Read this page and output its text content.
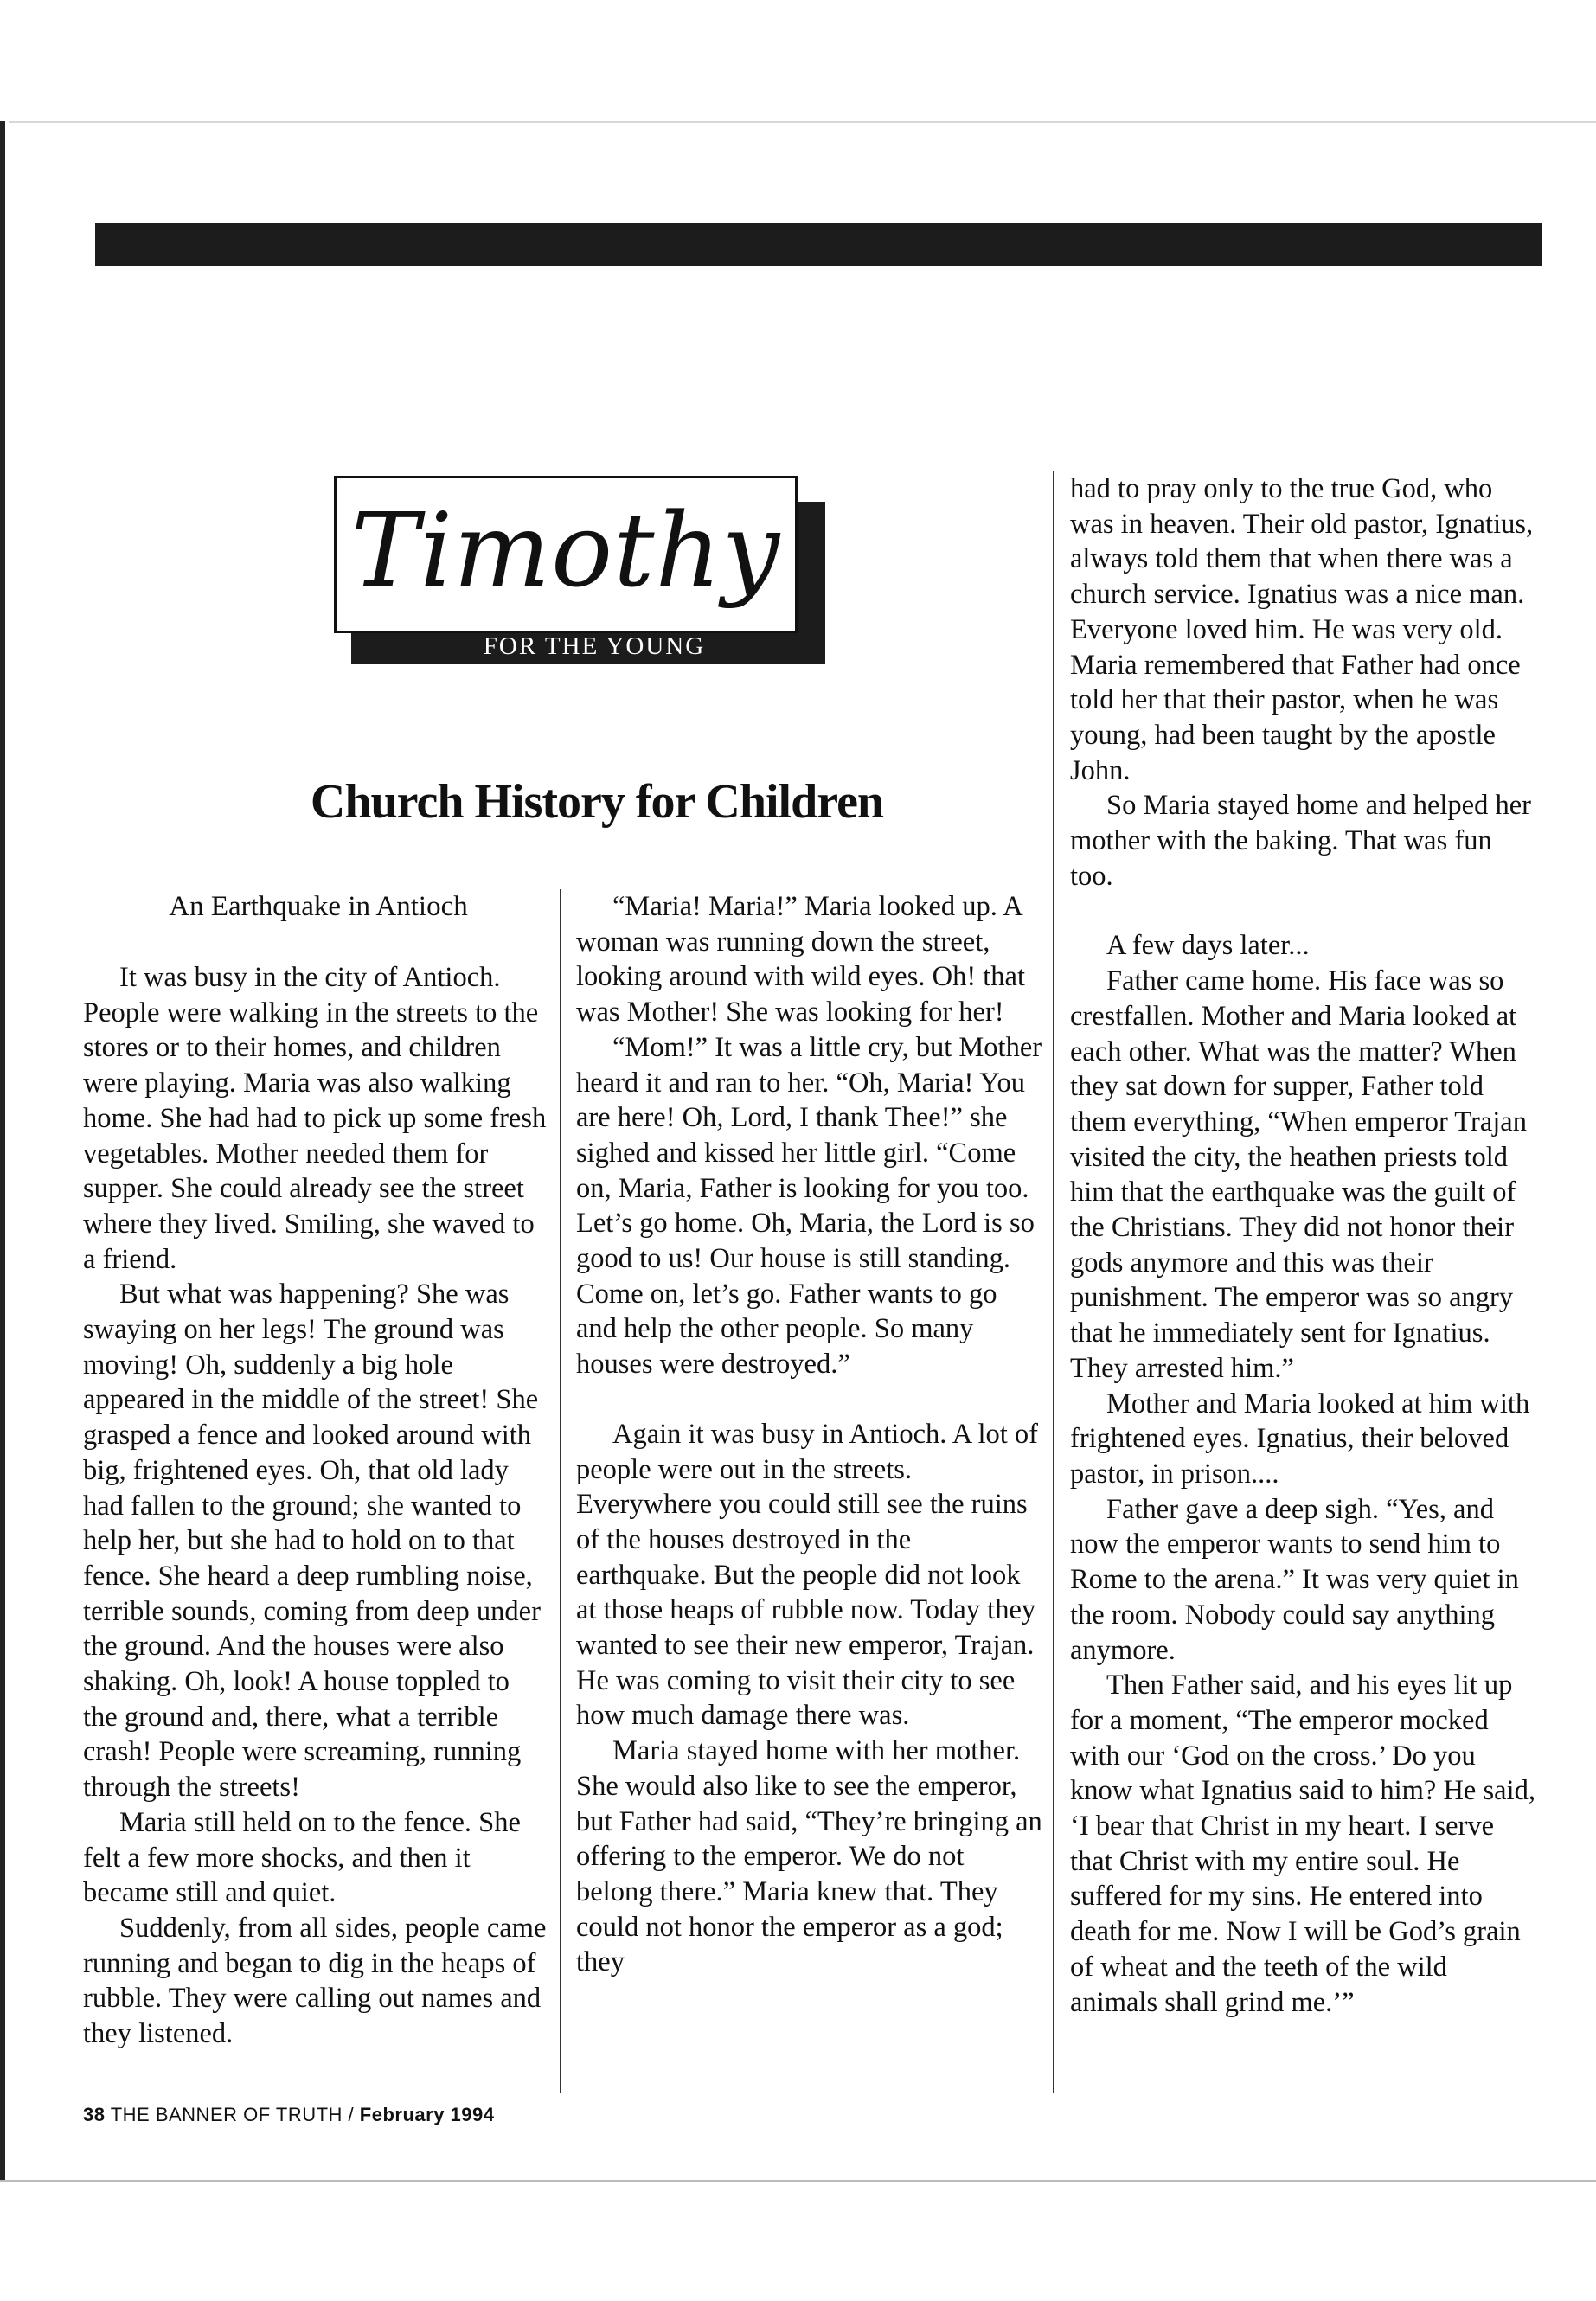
Timothy
FOR THE YOUNG
Church History for Children
An Earthquake in Antioch

It was busy in the city of Antioch. People were walking in the streets to the stores or to their homes, and children were playing. Maria was also walking home. She had had to pick up some fresh vegetables. Mother needed them for supper. She could already see the street where they lived. Smiling, she waved to a friend.

But what was happening? She was swaying on her legs! The ground was moving! Oh, suddenly a big hole appeared in the middle of the street! She grasped a fence and looked around with big, frightened eyes. Oh, that old lady had fallen to the ground; she wanted to help her, but she had to hold on to that fence. She heard a deep rumbling noise, terrible sounds, coming from deep under the ground. And the houses were also shaking. Oh, look! A house toppled to the ground and, there, what a terrible crash! People were screaming, running through the streets!

Maria still held on to the fence. She felt a few more shocks, and then it became still and quiet.

Suddenly, from all sides, people came running and began to dig in the heaps of rubble. They were calling out names and they listened.

“Maria! Maria!” Maria looked up. A woman was running down the street, looking around with wild eyes. Oh! that was Mother! She was looking for her!

“Mom!” It was a little cry, but Mother heard it and ran to her. “Oh, Maria! You are here! Oh, Lord, I thank Thee!” she sighed and kissed her little girl. “Come on, Maria, Father is looking for you too. Let’s go home. Oh, Maria, the Lord is so good to us! Our house is still standing. Come on, let’s go. Father wants to go and help the other people. So many houses were destroyed.”

Again it was busy in Antioch. A lot of people were out in the streets. Everywhere you could still see the ruins of the houses destroyed in the earthquake. But the people did not look at those heaps of rubble now. Today they wanted to see their new emperor, Trajan. He was coming to visit their city to see how much damage there was.

Maria stayed home with her mother. She would also like to see the emperor, but Father had said, “They’re bringing an offering to the emperor. We do not belong there.” Maria knew that. They could not honor the emperor as a god; they

had to pray only to the true God, who was in heaven. Their old pastor, Ignatius, always told them that when there was a church service. Ignatius was a nice man. Everyone loved him. He was very old. Maria remembered that Father had once told her that their pastor, when he was young, had been taught by the apostle John.

So Maria stayed home and helped her mother with the baking. That was fun too.

A few days later...

Father came home. His face was so crestfallen. Mother and Maria looked at each other. What was the matter? When they sat down for supper, Father told them everything, “When emperor Trajan visited the city, the heathen priests told him that the earthquake was the guilt of the Christians. They did not honor their gods anymore and this was their punishment. The emperor was so angry that he immediately sent for Ignatius. They arrested him.”

Mother and Maria looked at him with frightened eyes. Ignatius, their beloved pastor, in prison....

Father gave a deep sigh. “Yes, and now the emperor wants to send him to Rome to the arena.” It was very quiet in the room. Nobody could say anything anymore.

Then Father said, and his eyes lit up for a moment, “The emperor mocked with our ‘God on the cross.’ Do you know what Ignatius said to him? He said, ‘I bear that Christ in my heart. I serve that Christ with my entire soul. He suffered for my sins. He entered into death for me. Now I will be God’s grain of wheat and the teeth of the wild animals shall grind me.’”

38 THE BANNER OF TRUTH / February 1994
